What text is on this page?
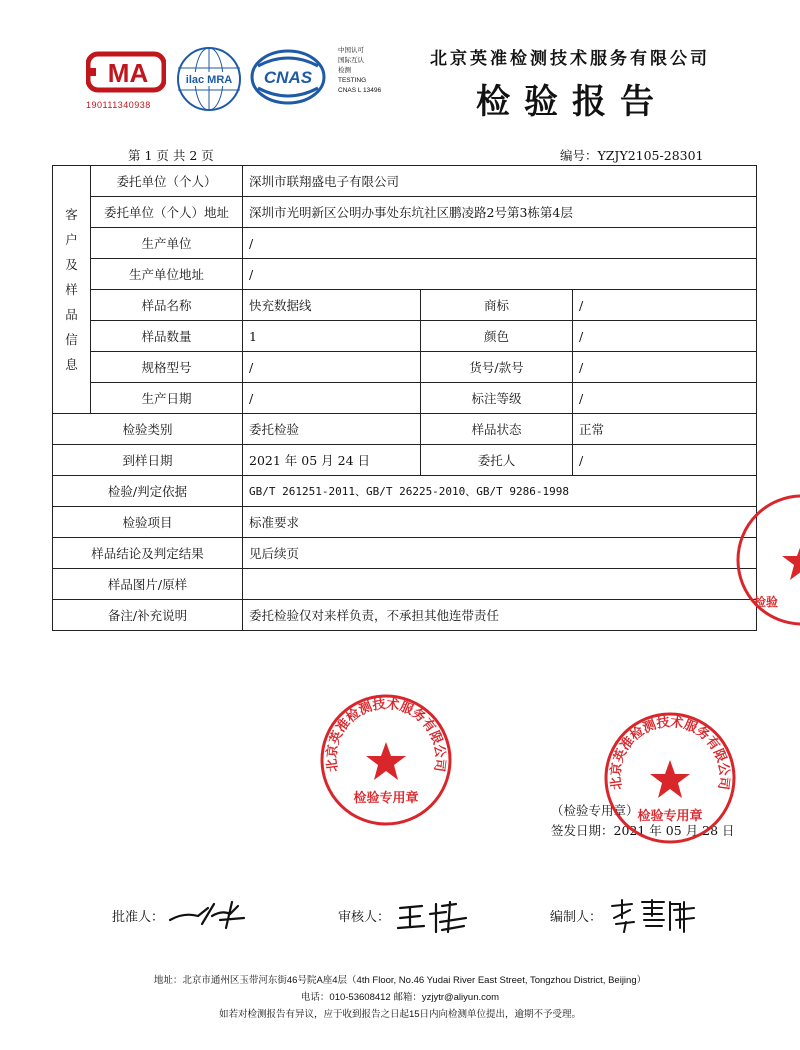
MA
190111340938
ilac MRA CNAS
中国认可
国际互认
检测
TESTING
CNAS L 13496
北京英准检测技术服务有限公司
检验报告
第 1 页 共 2 页	编号：YZJY2105-28301
客户及样品信息	委托单位（个人）	深圳市联翔盛电子有限公司		
	委托单位（个人）地址	深圳市光明新区公明办事处东坑社区鹏凌路2号第3栋第4层		
	生产单位	/		
	生产单位地址	/		
	样品名称	快充数据线	商标	/
	样品数量	1	颜色	/
	规格型号	/	货号/款号	/
	生产日期	/	标注等级	/
检验类别		委托检验	样品状态	正常
到样日期		2021 年 05 月 24 日	委托人	/
检验/判定依据		GB/T 261251-2011、GB/T 26225-2010、GB/T 9286-1998		
检验项目		标准要求		
样品结论及判定结果		见后续页		
样品图片/原样		（检验专用章）
签发日期：2021 年 05 月 28 日		

备注/补充说明		委托检验仅对来样负责，不承担其他连带责任		
北京英准检测技术服务有限公司
检验专用章
北京英准检测技术服务有限公司
检验专用章
检验
批准人：	审核人：	编制人：
地址：北京市通州区玉带河东街46号院A座4层（4th Floor, No.46 Yudai River East Street, Tongzhou District, Beijing）
电话：010-53608412 邮箱：yzjytr@aliyun.com
如若对检测报告有异议，应于收到报告之日起15日内向检测单位提出，逾期不予受理。
